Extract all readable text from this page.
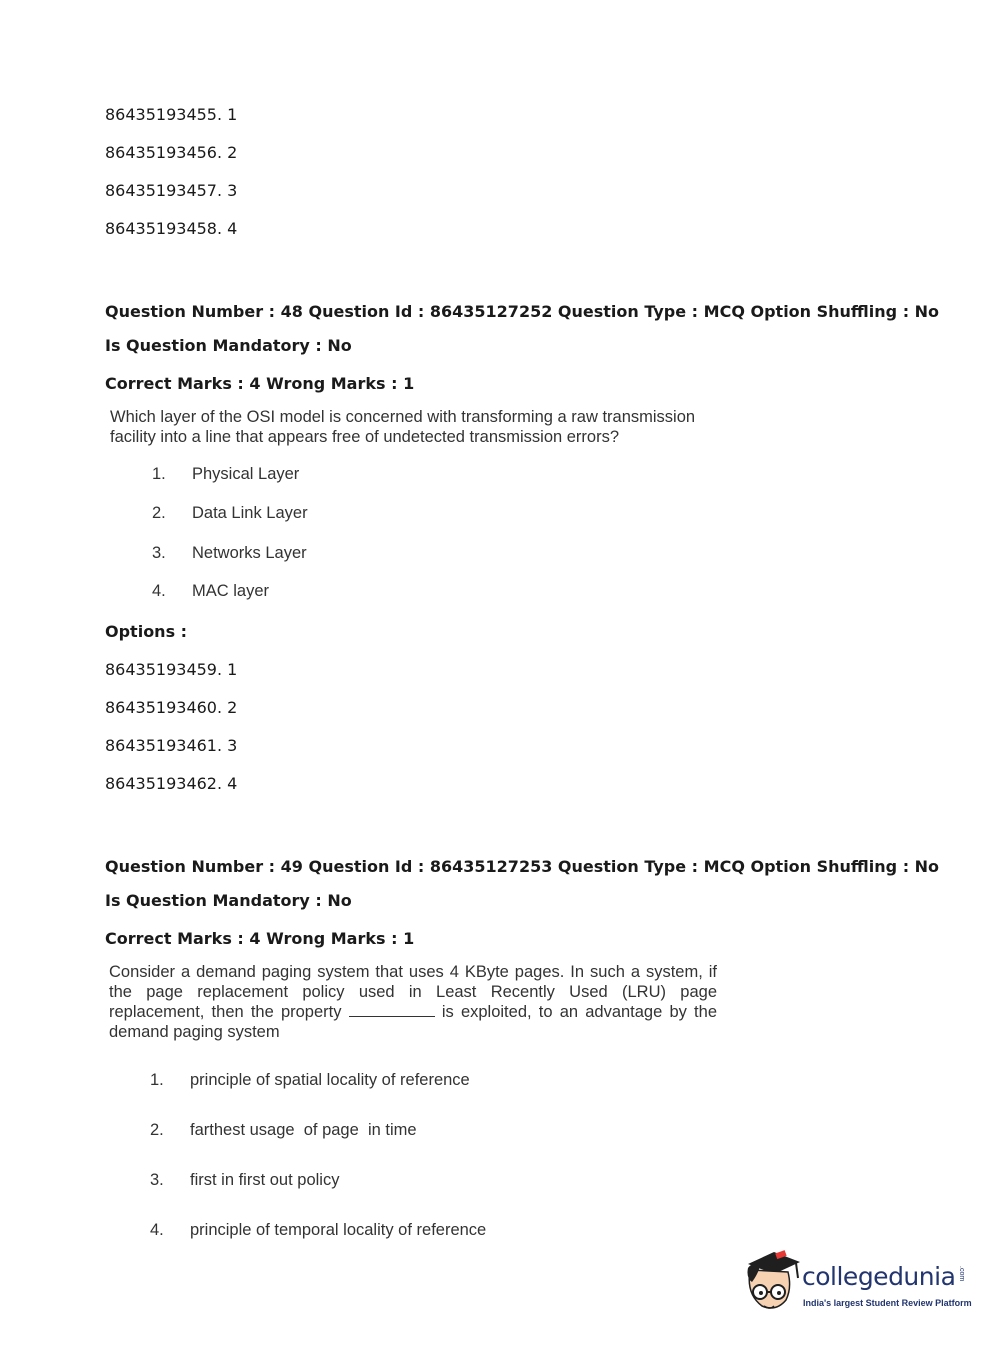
86435193455. 1
86435193456. 2
86435193457. 3
86435193458. 4
Question Number : 48 Question Id : 86435127252 Question Type : MCQ Option Shuffling : No
Is Question Mandatory : No
Correct Marks : 4 Wrong Marks : 1
Which layer of the OSI model is concerned with transforming a raw transmission facility into a line that appears free of undetected transmission errors?
1. Physical Layer
2. Data Link Layer
3. Networks Layer
4. MAC layer
Options :
86435193459. 1
86435193460. 2
86435193461. 3
86435193462. 4
Question Number : 49 Question Id : 86435127253 Question Type : MCQ Option Shuffling : No
Is Question Mandatory : No
Correct Marks : 4 Wrong Marks : 1
Consider a demand paging system that uses 4 KByte pages. In such a system, if the page replacement policy used in Least Recently Used (LRU) page replacement, then the property	is exploited, to an advantage by the demand paging system
1. principle of spatial locality of reference
2. farthest usage  of page  in time
3. first in first out policy
4. principle of temporal locality of reference
collegedunia .com
India's largest Student Review Platform
